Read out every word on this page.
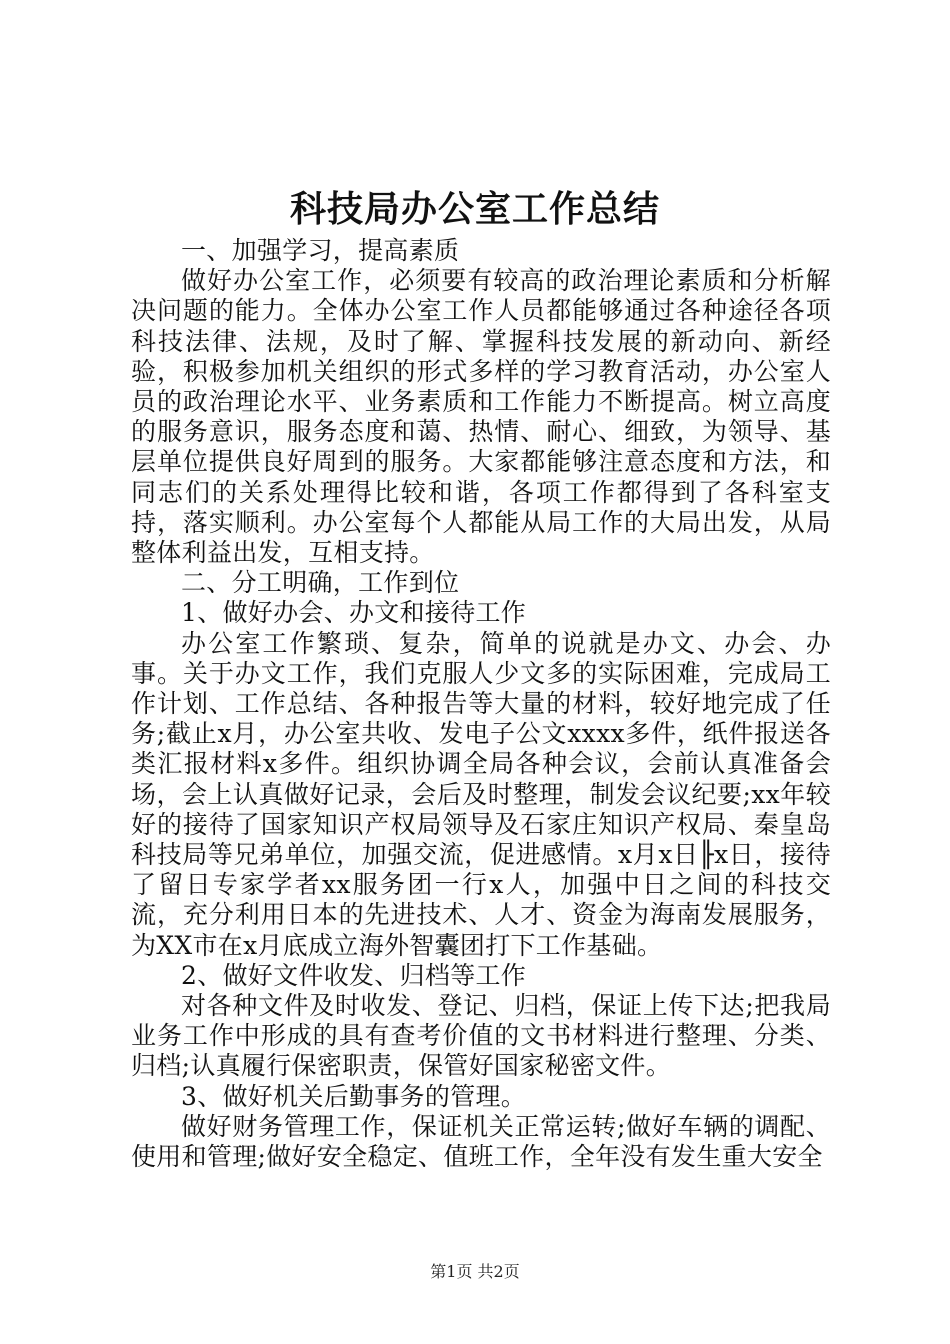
科技局办公室工作总结

一、加强学习，提高素质

做好办公室工作，必须要有较高的政治理论素质和分析解决问题的能力。全体办公室工作人员都能够通过各种途径各项科技法律、法规，及时了解、掌握科技发展的新动向、新经验，积极参加机关组织的形式多样的学习教育活动，办公室人员的政治理论水平、业务素质和工作能力不断提高。树立高度的服务意识，服务态度和蔼、热情、耐心、细致，为领导、基层单位提供良好周到的服务。大家都能够注意态度和方法，和同志们的关系处理得比较和谐，各项工作都得到了各科室支持，落实顺利。办公室每个人都能从局工作的大局出发，从局整体利益出发，互相支持。

二、分工明确，工作到位

1、做好办会、办文和接待工作

办公室工作繁琐、复杂，简单的说就是办文、办会、办事。关于办文工作，我们克服人少文多的实际困难，完成局工作计划、工作总结、各种报告等大量的材料，较好地完成了任务;截止x月，办公室共收、发电子公文xxxx多件，纸件报送各类汇报材料x多件。组织协调全局各种会议，会前认真准备会场，会上认真做好记录，会后及时整理，制发会议纪要;xx年较好的接待了国家知识产权局领导及石家庄知识产权局、秦皇岛科技局等兄弟单位，加强交流，促进感情。x月x日╟x日，接待了留日专家学者xx服务团一行x人，加强中日之间的科技交流，充分利用日本的先进技术、人才、资金为海南发展服务，为XX市在x月底成立海外智囊团打下工作基础。

2、做好文件收发、归档等工作

对各种文件及时收发、登记、归档，保证上传下达;把我局业务工作中形成的具有查考价值的文书材料进行整理、分类、归档;认真履行保密职责，保管好国家秘密文件。

3、做好机关后勤事务的管理。

做好财务管理工作，保证机关正常运转;做好车辆的调配、使用和管理;做好安全稳定、值班工作，全年没有发生重大安全

第1页 共2页
